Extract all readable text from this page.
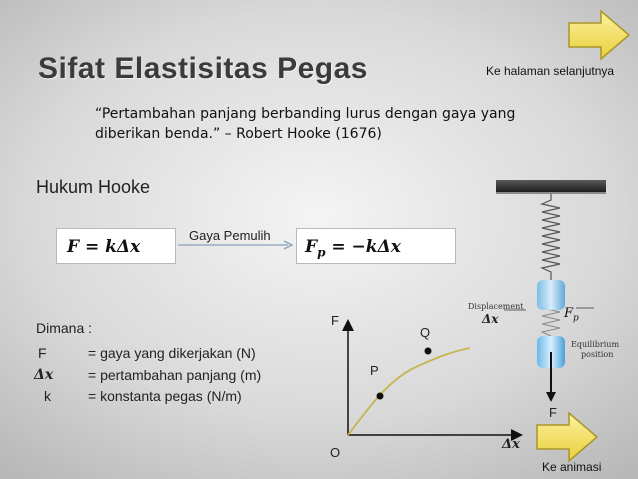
Sifat Elastisitas Pegas	Ke halaman selanjutnya
“Pertambahan panjang berbanding lurus dengan gaya yang
diberikan benda.” – Robert Hooke (1676)
Hukum Hooke
F = kΔx
Gaya Pemulih
$F_p = -k\Delta x$
Dimana :
F	= gaya yang dikerjakan (N)
Δx = pertambahan panjang (m)
k	= konstanta pegas (N/m)
F
O
Δx
P
Q
Displacement
Δx	$F_p$
Equilibrium
position
F
Ke animasi
